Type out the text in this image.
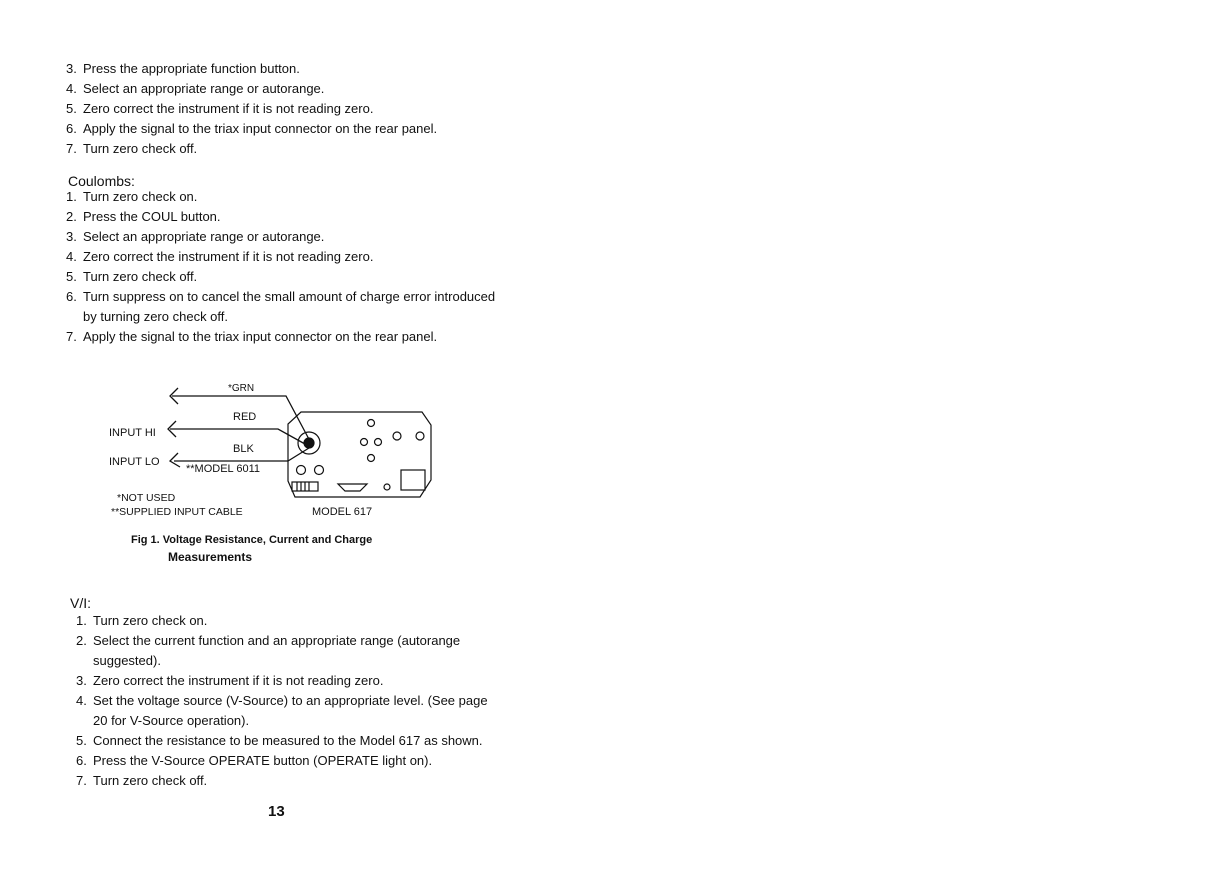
3. Press the appropriate function button.
4. Select an appropriate range or autorange.
5. Zero correct the instrument if it is not reading zero.
6. Apply the signal to the triax input connector on the rear panel.
7. Turn zero check off.
Coulombs:
1. Turn zero check on.
2. Press the COUL button.
3. Select an appropriate range or autorange.
4. Zero correct the instrument if it is not reading zero.
5. Turn zero check off.
6. Turn suppress on to cancel the small amount of charge error introduced by turning zero check off.
7. Apply the signal to the triax input connector on the rear panel.
*GRN
RED
BLK
INPUT HI
INPUT LO
**MODEL 6011
*NOT USED
**SUPPLIED INPUT CABLE	MODEL 617
Fig 1. Voltage Resistance, Current and Charge
Measurements
V/I:
1. Turn zero check on.
2. Select the current function and an appropriate range (autorange suggested).
3. Zero correct the instrument if it is not reading zero.
4. Set the voltage source (V-Source) to an appropriate level. (See page 20 for V-Source operation).
5. Connect the resistance to be measured to the Model 617 as shown.
6. Press the V-Source OPERATE button (OPERATE light on).
7. Turn zero check off.
13
